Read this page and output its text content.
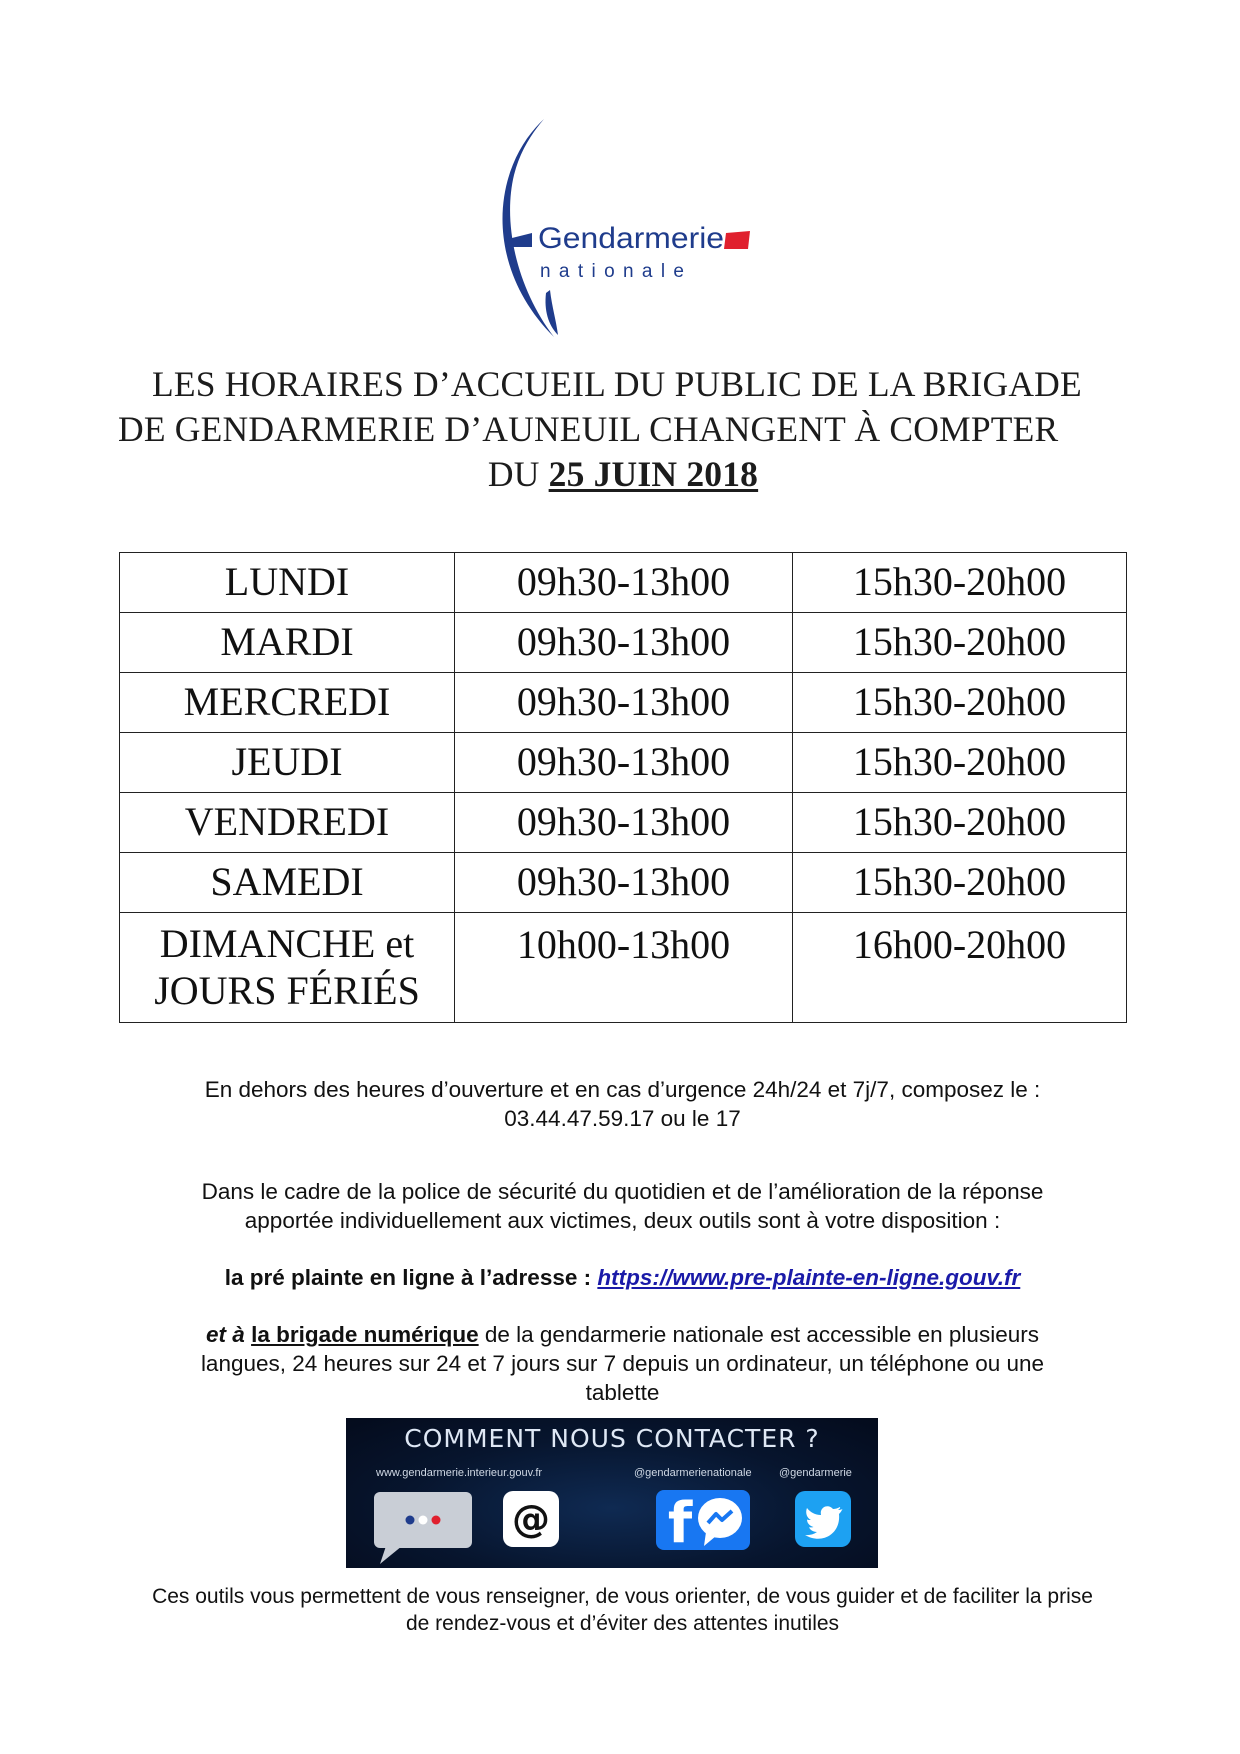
Gendarmerie
nationale
LES HORAIRES D’ACCUEIL DU PUBLIC DE LA BRIGADE
DE GENDARMERIE D’AUNEUIL CHANGENT À COMPTER
DU 25 JUIN 2018
LUNDI	09h30-13h00	15h30-20h00
MARDI	09h30-13h00	15h30-20h00
MERCREDI	09h30-13h00	15h30-20h00
JEUDI	09h30-13h00	15h30-20h00
VENDREDI	09h30-13h00	15h30-20h00
SAMEDI	09h30-13h00	15h30-20h00

DIMANCHE et
JOURS FÉRIÉS	10h00-13h00	16h00-20h00
En dehors des heures d’ouverture et en cas d’urgence 24h/24 et 7j/7, composez le :
03.44.47.59.17 ou le 17
Dans le cadre de la police de sécurité du quotidien et de l’amélioration de la réponse
apportée individuellement aux victimes, deux outils sont à votre disposition :
la pré plainte en ligne à l’adresse : https://www.pre-plainte-en-ligne.gouv.fr
et à la brigade numérique de la gendarmerie nationale est accessible en plusieurs
langues, 24 heures sur 24 et 7 jours sur 7 depuis un ordinateur, un téléphone ou une
tablette
COMMENT NOUS CONTACTER ?
www.gendarmerie.interieur.gouv.fr	@gendarmerienationale @gendarmerie
@ f
Ces outils vous permettent de vous renseigner, de vous orienter, de vous guider et de faciliter la prise
de rendez-vous et d’éviter des attentes inutiles
